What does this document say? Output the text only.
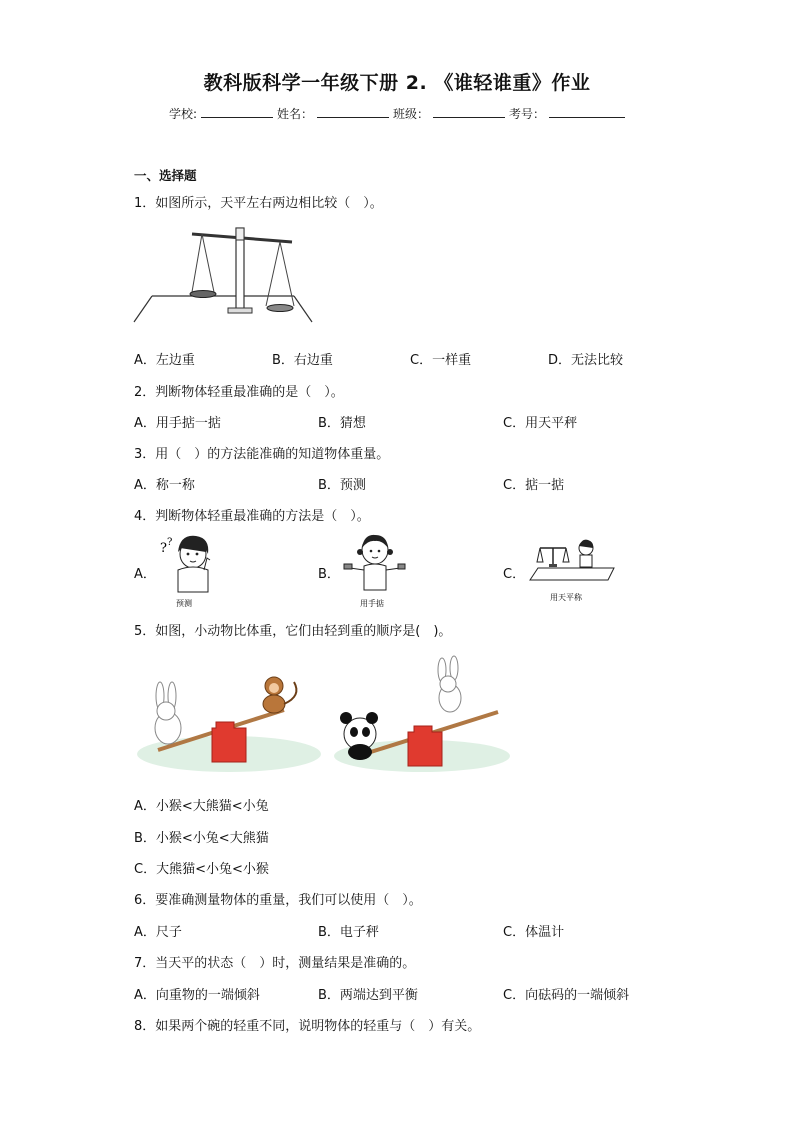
教科版科学一年级下册 2. 《谁轻谁重》作业
学校:	姓名：	班级：	考号：
一、选择题
1．如图所示，天平左右两边相比较（　）。
A．左边重	B．右边重	C．一样重	D．无法比较
2．判断物体轻重最准确的是（　）。
A．用手掂一掂	B．猜想	C．用天平秤
3．用（　）的方法能准确的知道物体重量。
A．称一称	B．预测	C．掂一掂
4．判断物体轻重最准确的方法是（　）。
A．
? ?
预测
B．
用手掂
C．
用天平称
5．如图，小动物比体重，它们由轻到重的顺序是(　)。
A．小猴<大熊猫<小兔
B．小猴<小兔<大熊猫
C．大熊猫<小兔<小猴
6．要准确测量物体的重量，我们可以使用（　）。
A．尺子	B．电子秤	C．体温计
7．当天平的状态（　）时，测量结果是准确的。
A．向重物的一端倾斜	B．两端达到平衡	C．向砝码的一端倾斜
8．如果两个碗的轻重不同，说明物体的轻重与（　）有关。
